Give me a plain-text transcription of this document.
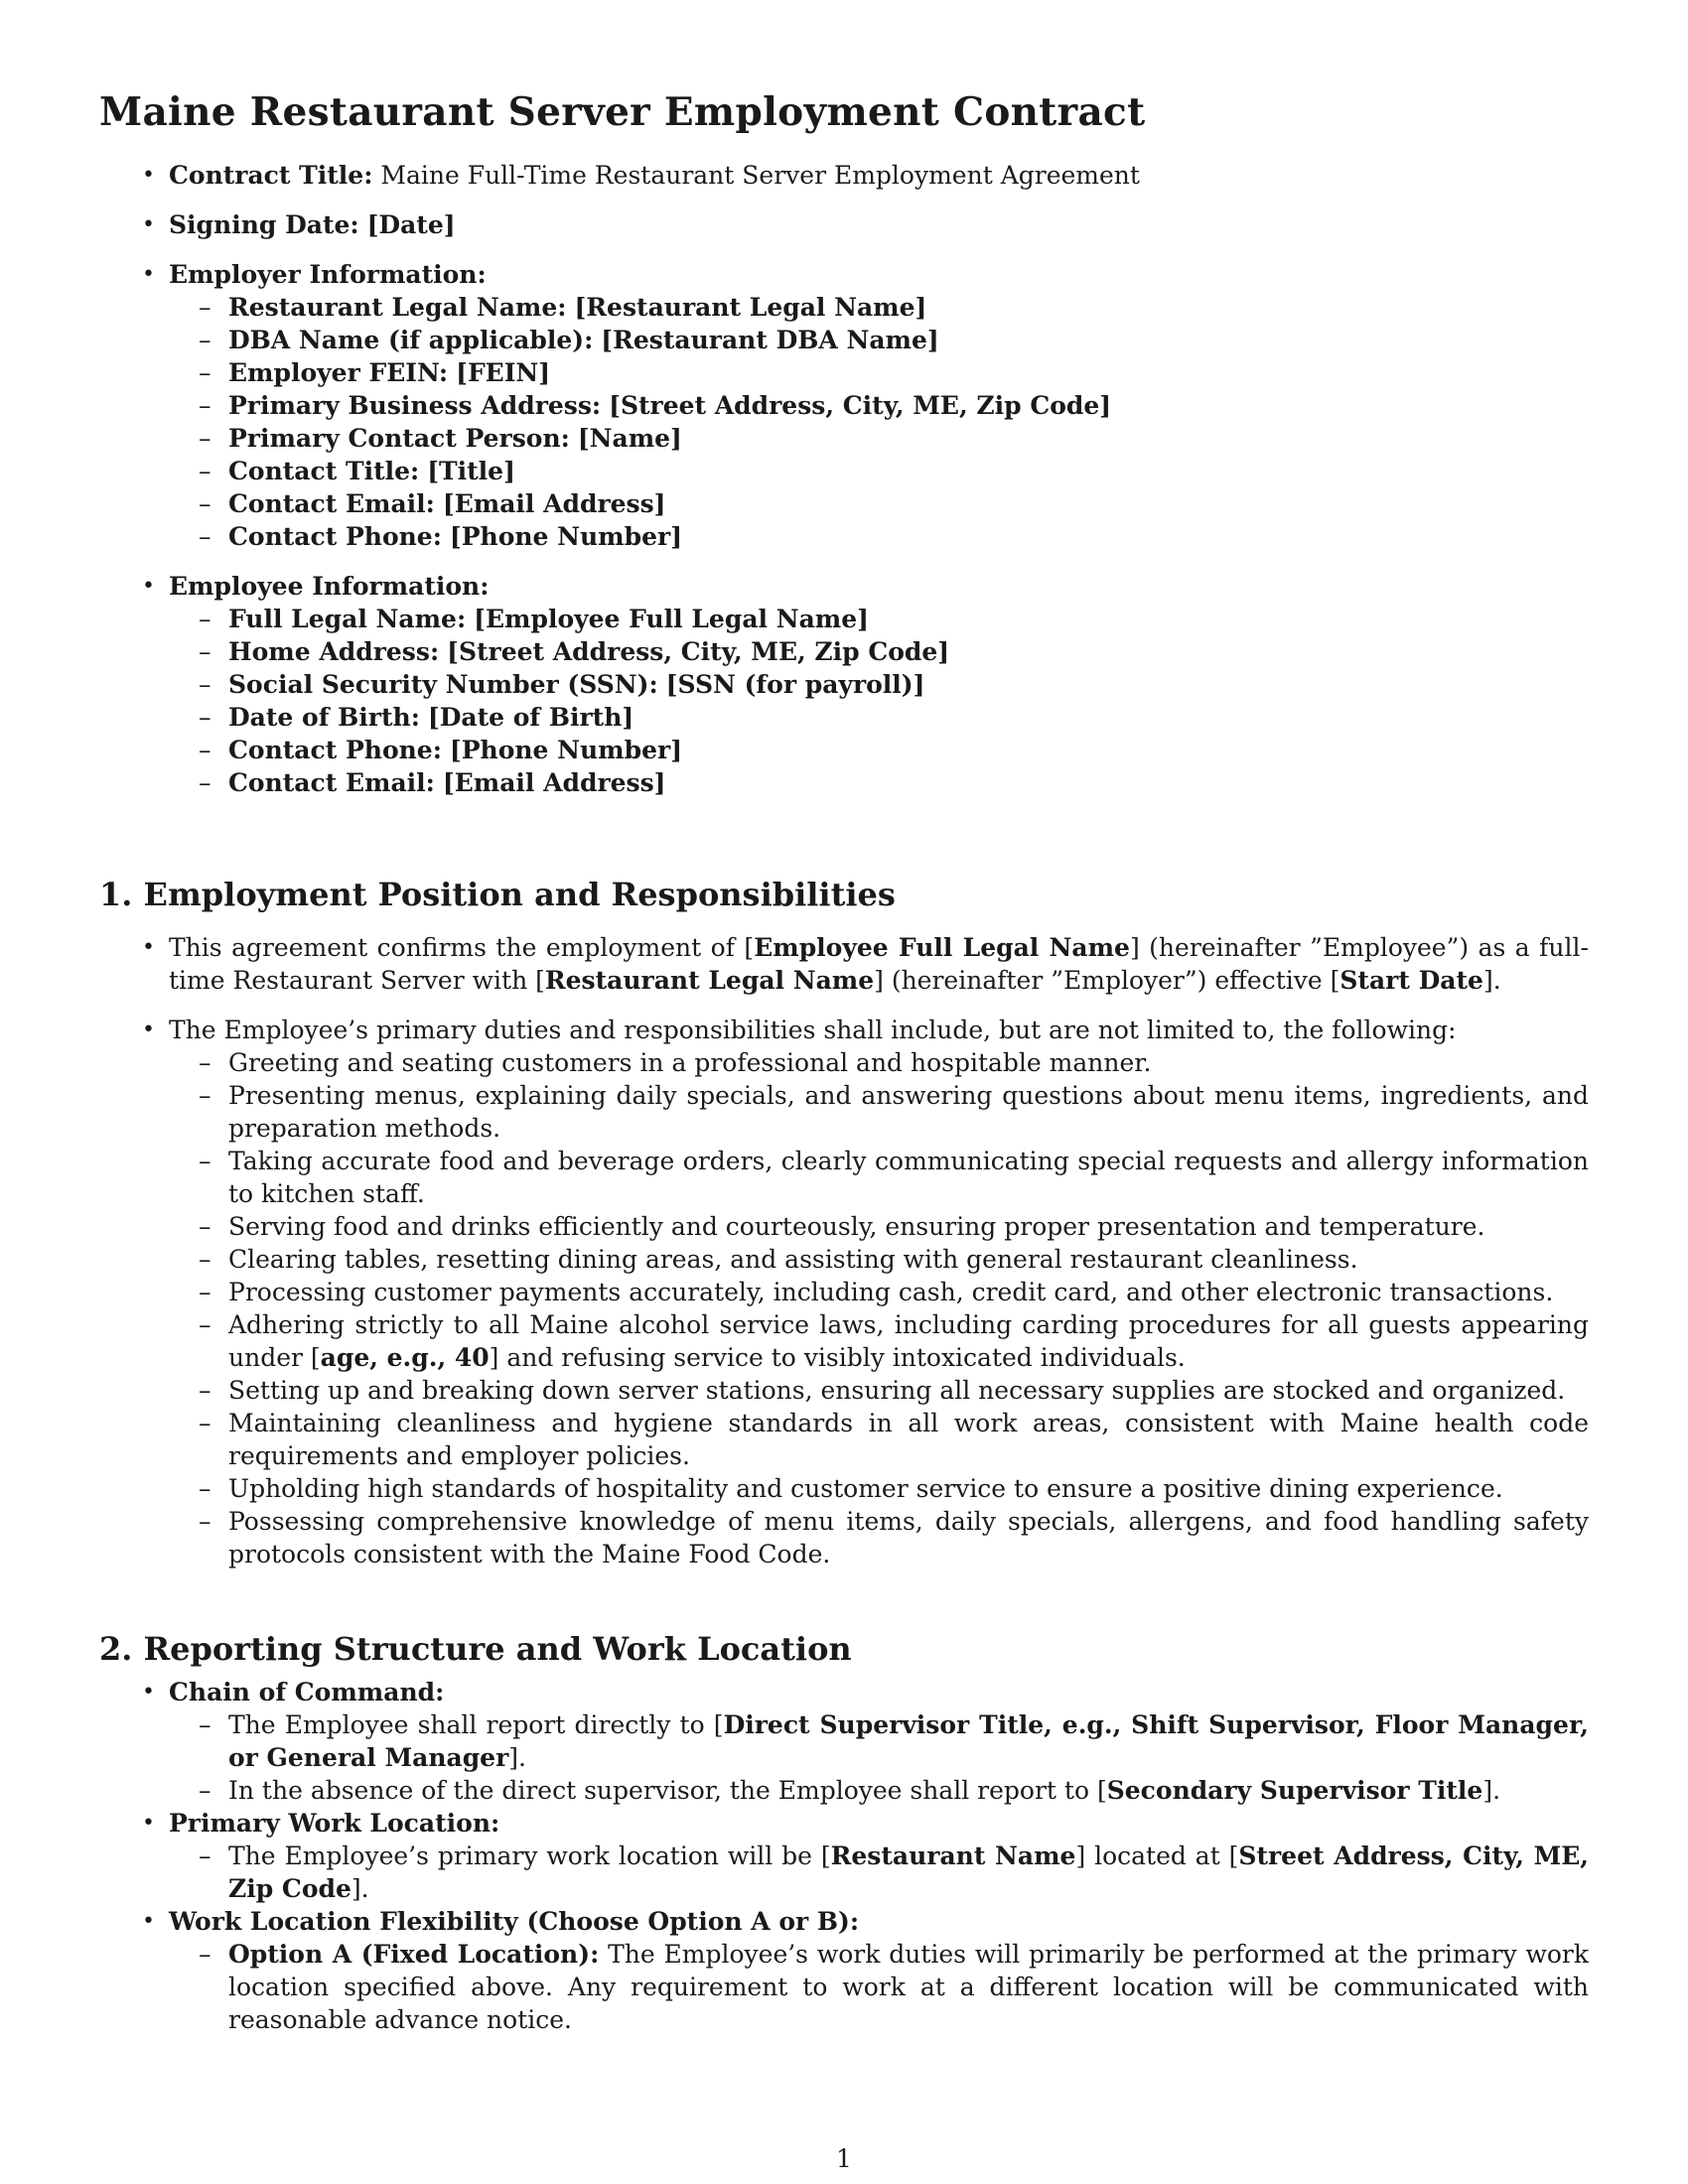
Maine Restaurant Server Employment Contract
• Contract Title: Maine Full-Time Restaurant Server Employment Agreement
• Signing Date: [Date]
• Employer Information:
– Restaurant Legal Name: [Restaurant Legal Name]
– DBA Name (if applicable): [Restaurant DBA Name]
– Employer FEIN: [FEIN]
– Primary Business Address: [Street Address, City, ME, Zip Code]
– Primary Contact Person: [Name]
– Contact Title: [Title]
– Contact Email: [Email Address]
– Contact Phone: [Phone Number]
• Employee Information:
– Full Legal Name: [Employee Full Legal Name]
– Home Address: [Street Address, City, ME, Zip Code]
– Social Security Number (SSN): [SSN (for payroll)]
– Date of Birth: [Date of Birth]
– Contact Phone: [Phone Number]
– Contact Email: [Email Address]
1. Employment Position and Responsibilities
• This agreement confirms the employment of [Employee Full Legal Name] (hereinafter ”Employee”) as a full-time Restaurant Server with [Restaurant Legal Name] (hereinafter ”Employer”) effective [Start Date].
• The Employee’s primary duties and responsibilities shall include, but are not limited to, the following:
– Greeting and seating customers in a professional and hospitable manner.
– Presenting menus, explaining daily specials, and answering questions about menu items, ingredients, and preparation methods.
– Taking accurate food and beverage orders, clearly communicating special requests and allergy information to kitchen staff.
– Serving food and drinks efficiently and courteously, ensuring proper presentation and temperature.
– Clearing tables, resetting dining areas, and assisting with general restaurant cleanliness.
– Processing customer payments accurately, including cash, credit card, and other electronic transactions.
– Adhering strictly to all Maine alcohol service laws, including carding procedures for all guests appearing under [age, e.g., 40] and refusing service to visibly intoxicated individuals.
– Setting up and breaking down server stations, ensuring all necessary supplies are stocked and organized.
– Maintaining cleanliness and hygiene standards in all work areas, consistent with Maine health code requirements and employer policies.
– Upholding high standards of hospitality and customer service to ensure a positive dining experience.
– Possessing comprehensive knowledge of menu items, daily specials, allergens, and food handling safety protocols consistent with the Maine Food Code.
2. Reporting Structure and Work Location
• Chain of Command:
– The Employee shall report directly to [Direct Supervisor Title, e.g., Shift Supervisor, Floor Manager, or General Manager].
– In the absence of the direct supervisor, the Employee shall report to [Secondary Supervisor Title].
• Primary Work Location:
– The Employee’s primary work location will be [Restaurant Name] located at [Street Address, City, ME, Zip Code].
• Work Location Flexibility (Choose Option A or B):
– Option A (Fixed Location): The Employee’s work duties will primarily be performed at the primary work location specified above. Any requirement to work at a different location will be communicated with reasonable advance notice.
1
